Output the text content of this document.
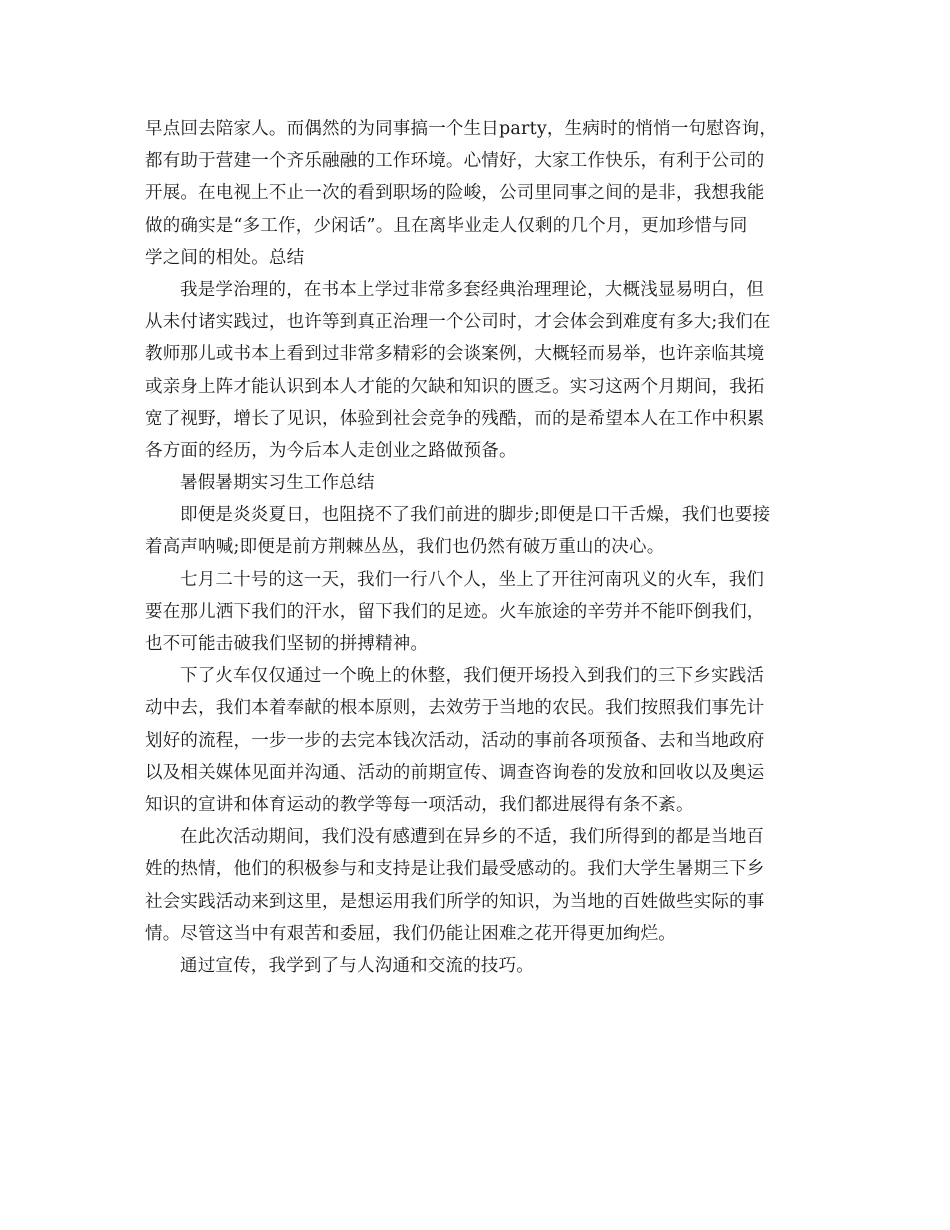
早点回去陪家人。而偶然的为同事搞一个生日party，生病时的悄悄一句慰咨询，
都有助于营建一个齐乐融融的工作环境。心情好，大家工作快乐，有利于公司的
开展。在电视上不止一次的看到职场的险峻，公司里同事之间的是非，我想我能
做的确实是“多工作，少闲话”。且在离毕业走人仅剩的几个月，更加珍惜与同
学之间的相处。总结
我是学治理的，在书本上学过非常多套经典治理理论，大概浅显易明白，但
从未付诸实践过，也许等到真正治理一个公司时，才会体会到难度有多大;我们在
教师那儿或书本上看到过非常多精彩的会谈案例，大概轻而易举，也许亲临其境
或亲身上阵才能认识到本人才能的欠缺和知识的匮乏。实习这两个月期间，我拓
宽了视野，增长了见识，体验到社会竞争的残酷，而的是希望本人在工作中积累
各方面的经历，为今后本人走创业之路做预备。
暑假暑期实习生工作总结
即便是炎炎夏日，也阻挠不了我们前进的脚步;即便是口干舌燥，我们也要接
着高声呐喊;即便是前方荆棘丛丛，我们也仍然有破万重山的决心。
七月二十号的这一天，我们一行八个人，坐上了开往河南巩义的火车，我们
要在那儿洒下我们的汗水，留下我们的足迹。火车旅途的辛劳并不能吓倒我们，
也不可能击破我们坚韧的拼搏精神。
下了火车仅仅通过一个晚上的休整，我们便开场投入到我们的三下乡实践活
动中去，我们本着奉献的根本原则，去效劳于当地的农民。我们按照我们事先计
划好的流程，一步一步的去完本钱次活动，活动的事前各项预备、去和当地政府
以及相关媒体见面并沟通、活动的前期宣传、调查咨询卷的发放和回收以及奥运
知识的宣讲和体育运动的教学等每一项活动，我们都进展得有条不紊。
在此次活动期间，我们没有感遭到在异乡的不适，我们所得到的都是当地百
姓的热情，他们的积极参与和支持是让我们最受感动的。我们大学生暑期三下乡
社会实践活动来到这里，是想运用我们所学的知识，为当地的百姓做些实际的事
情。尽管这当中有艰苦和委屈，我们仍能让困难之花开得更加绚烂。
通过宣传，我学到了与人沟通和交流的技巧。
